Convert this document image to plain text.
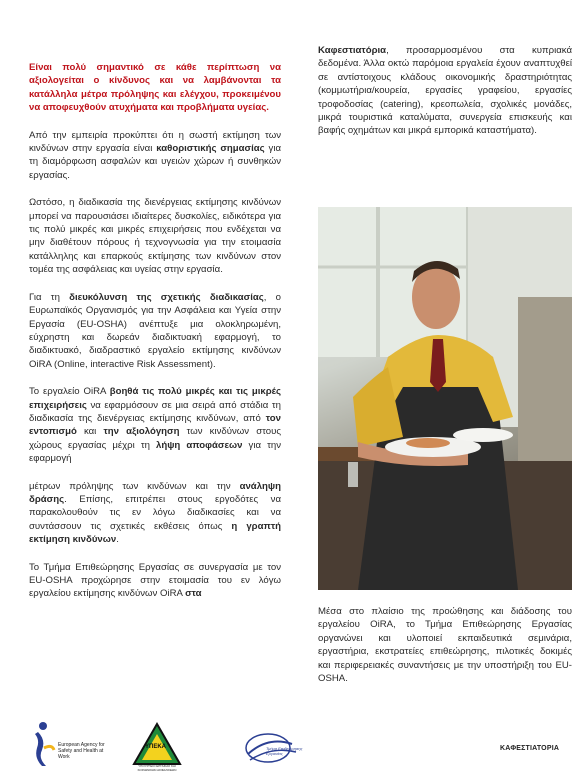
Είναι πολύ σημαντικό σε κάθε περίπτωση να αξιολογείται ο κίνδυνος και να λαμβάνονται τα κατάλληλα μέτρα πρόληψης και ελέγχου, προκειμένου να αποφευχθούν ατυχήματα και προβλήματα υγείας.

Από την εμπειρία προκύπτει ότι η σωστή εκτίμηση των κινδύνων στην εργασία είναι καθοριστικής σημασίας για τη διαμόρφωση ασφαλών και υγειών χώρων ή συνθηκών εργασίας.

Ωστόσο, η διαδικασία της διενέργειας εκτίμησης κινδύνων μπορεί να παρουσιάσει ιδιαίτερες δυσκολίες, ειδικότερα για τις πολύ μικρές και μικρές επιχειρήσεις που ενδέχεται να μην διαθέτουν πόρους ή τεχνογνωσία για την ετοιμασία κατάλληλης και επαρκούς εκτίμησης των κινδύνων στον τομέα της ασφάλειας και υγείας στην εργασία.

Για τη διευκόλυνση της σχετικής διαδικασίας, ο Ευρωπαϊκός Οργανισμός για την Ασφάλεια και Υγεία στην Εργασία (EU-OSHA) ανέπτυξε μια ολοκληρωμένη, εύχρηστη και δωρεάν διαδικτυακή εφαρμογή, το διαδικτυακό, διαδραστικό εργαλείο εκτίμησης κινδύνων OiRA (Online, interactive Risk Assessment).

Το εργαλείο OiRA βοηθά τις πολύ μικρές και τις μικρές επιχειρήσεις να εφαρμόσουν σε μια σειρά από στάδια τη διαδικασία της διενέργειας εκτίμησης κινδύνων, από τον εντοπισμό και την αξιολόγηση των κινδύνων στους χώρους εργασίας μέχρι τη λήψη αποφάσεων για την εφαρμογή

μέτρων πρόληψης των κινδύνων και την ανάληψη δράσης. Επίσης, επιτρέπει στους εργοδότες να παρακολουθούν τις εν λόγω διαδικασίες και να συντάσσουν τις σχετικές εκθέσεις όπως η γραπτή εκτίμηση κινδύνων.

Το Τμήμα Επιθεώρησης Εργασίας σε συνεργασία με τον EU-OSHA προχώρησε στην ετοιμασία του εν λόγω εργαλείου εκτίμησης κινδύνων OiRA στα

Καφεστιατόρια, προσαρμοσμένου στα κυπριακά δεδομένα. Άλλα οκτώ παρόμοια εργαλεία έχουν αναπτυχθεί σε αντίστοιχους κλάδους οικονομικής δραστηριότητας (κομμωτήρια/κουρεία, εργασίες γραφείου, εργασίες τροφοδοσίας (catering), κρεοπωλεία, σχολικές μονάδες, μικρά τουριστικά καταλύματα, συνεργεία επισκευής και βαφής οχημάτων και μικρά εμπορικά καταστήματα).

Μέσα στο πλαίσιο της προώθησης και διάδοσης του εργαλείου OiRA, το Τμήμα Επιθεώρησης Εργασίας οργανώνει και υλοποιεί εκπαιδευτικά σεμινάρια, εργαστήρια, εκστρατείες επιθεώρησης, πιλοτικές δοκιμές και περιφερειακές συναντήσεις με την υποστήριξη του EU-OSHA.
European Agency for Safety and Health at Work
ΥΠΕΚΑ
ΥΠΟΥΡΓΕΙΟ ΕΡΓΑΣΙΑΣ ΚΑΙ ΚΟΙΝΩΝΙΚΩΝ ΑΣΦΑΛΙΣΕΩΝ
Τμήμα Επιθεώρησης Εργασίας
ΚΑΦΕΣΤΙΑΤΟΡΙΑ
